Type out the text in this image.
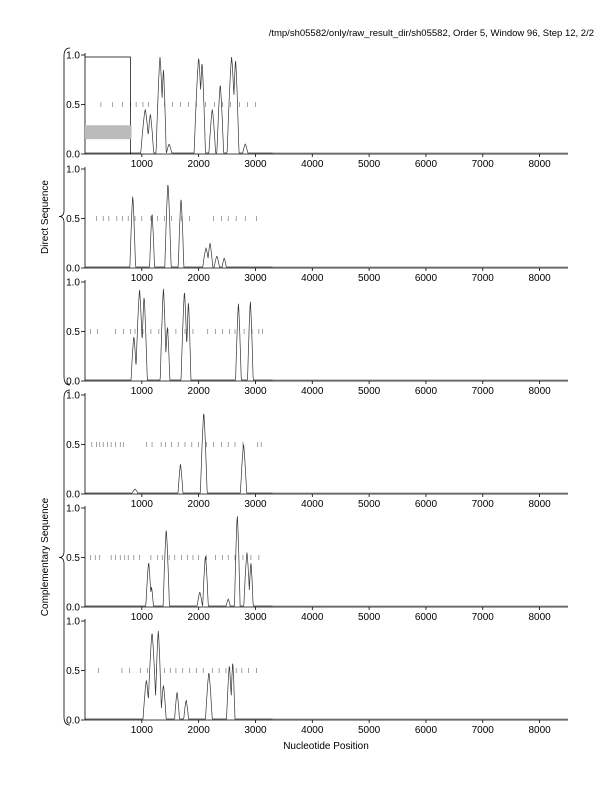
/tmp/sh05582/only/raw_result_dir/sh05582, Order 5, Window 96, Step 12, 2/2
0.0
0.5
1.0
1000	2000	3000	4000	5000	6000	7000	8000
0.0
0.5
1.0
1000	2000	3000	4000	5000	6000	7000	8000
0.0
0.5
1.0
1000	2000	3000	4000	5000	6000	7000	8000
0.0
0.5
1.0
1000	2000	3000	4000	5000	6000	7000	8000
0.0
0.5
1.0
1000	2000	3000	4000	5000	6000	7000	8000
0.0
0.5
1.0
1000	2000	3000	4000	5000	6000	7000	8000
Nucleotide Position
Direct Sequence
Complementary Sequence
